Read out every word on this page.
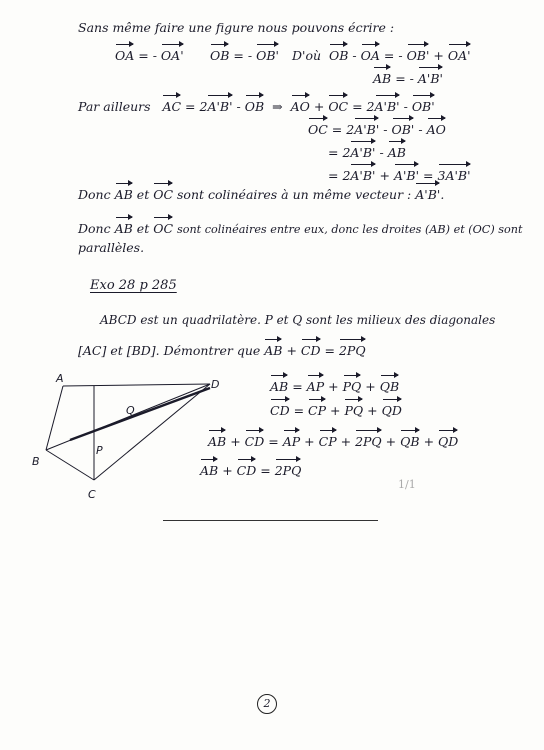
Sans même faire une figure nous pouvons écrire :
OA = - OA' OB = - OB' D'où OB - OA = - OB' + OA'
AB = - A'B'
Par ailleurs AC = 2A'B' - OB  ⇒  AO + OC = 2A'B' - OB'
OC = 2A'B' - OB' - AO
= 2A'B' - AB
= 2A'B' + A'B' = 3A'B'
Donc AB et OC sont colinéaires à un même vecteur : A'B'.
Donc AB et OC sont colinéaires entre eux, donc les droites (AB) et (OC) sont
parallèles.
Exo 28 p 285
ABCD est un quadrilatère. P et Q sont les milieux des diagonales
[AC] et [BD]. Démontrer que AB + CD = 2PQ
AB = AP + PQ + QB
CD = CP + PQ + QD
AB + CD = AP + CP + 2PQ + QB + QD
AB + CD = 2PQ
A	D
B
C
P
Q
1/1
2
